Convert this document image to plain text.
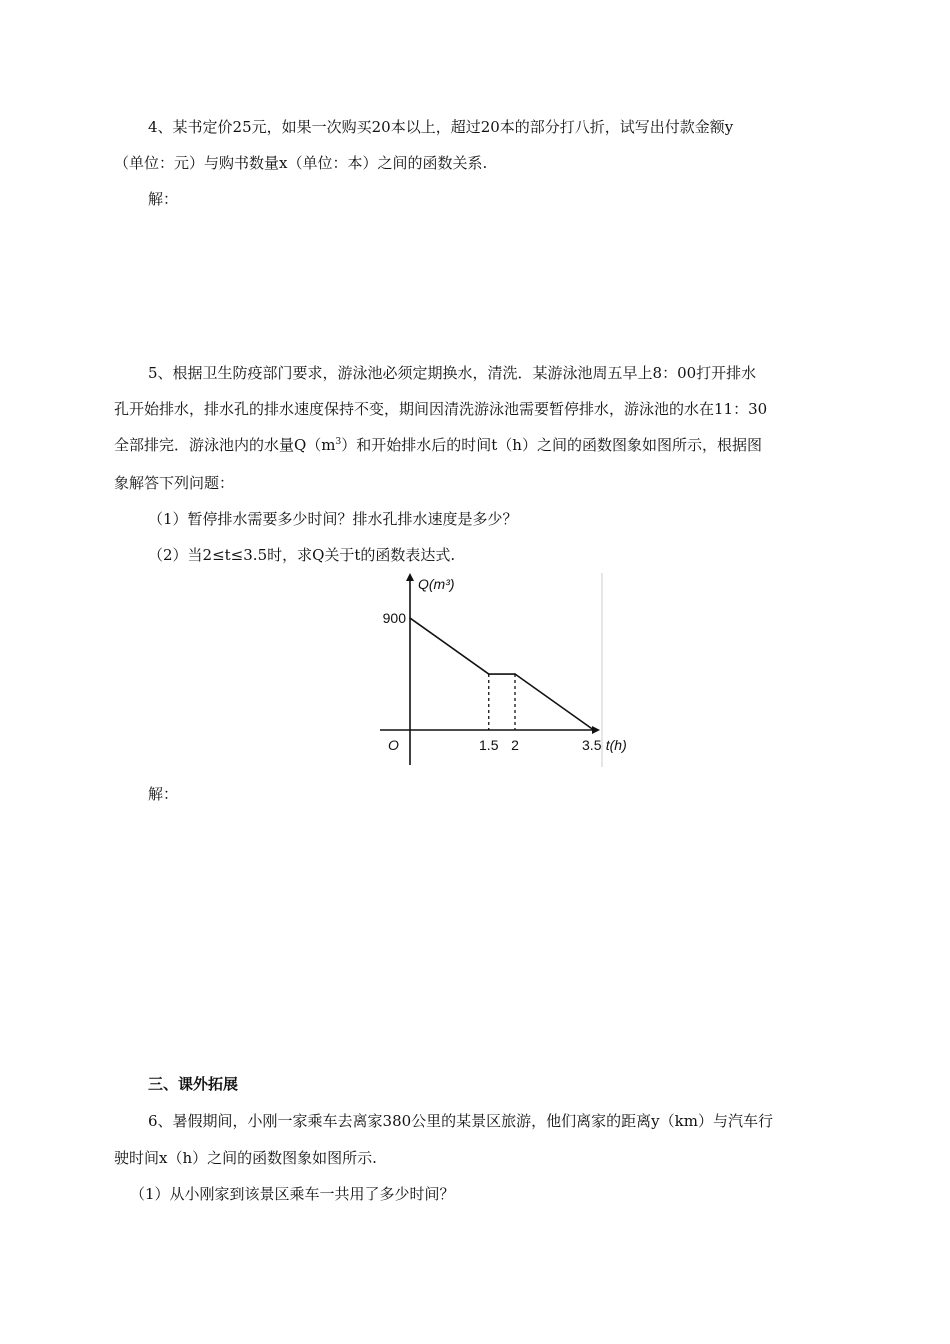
4、某书定价25元，如果一次购买20本以上，超过20本的部分打八折，试写出付款金额y
（单位：元）与购书数量x（单位：本）之间的函数关系.
解：
5、根据卫生防疫部门要求，游泳池必须定期换水，清洗．某游泳池周五早上8：00打开排水
孔开始排水，排水孔的排水速度保持不变，期间因清洗游泳池需要暂停排水，游泳池的水在11：30
全部排完．游泳池内的水量$Q(m^3)$和开始排水后的时间t（h）之间的函数图象如图所示，根据图
象解答下列问题：
（1）暂停排水需要多少时间？排水孔排水速度是多少？
（2）当2≤t≤3.5时，求Q关于t的函数表达式.
Q(m³)
t(h)
O
900
1.5 2	3.5
解：
三、课外拓展
6、暑假期间，小刚一家乘车去离家380公里的某景区旅游，他们离家的距离y（km）与汽车行
驶时间x（h）之间的函数图象如图所示.
（1）从小刚家到该景区乘车一共用了多少时间？
